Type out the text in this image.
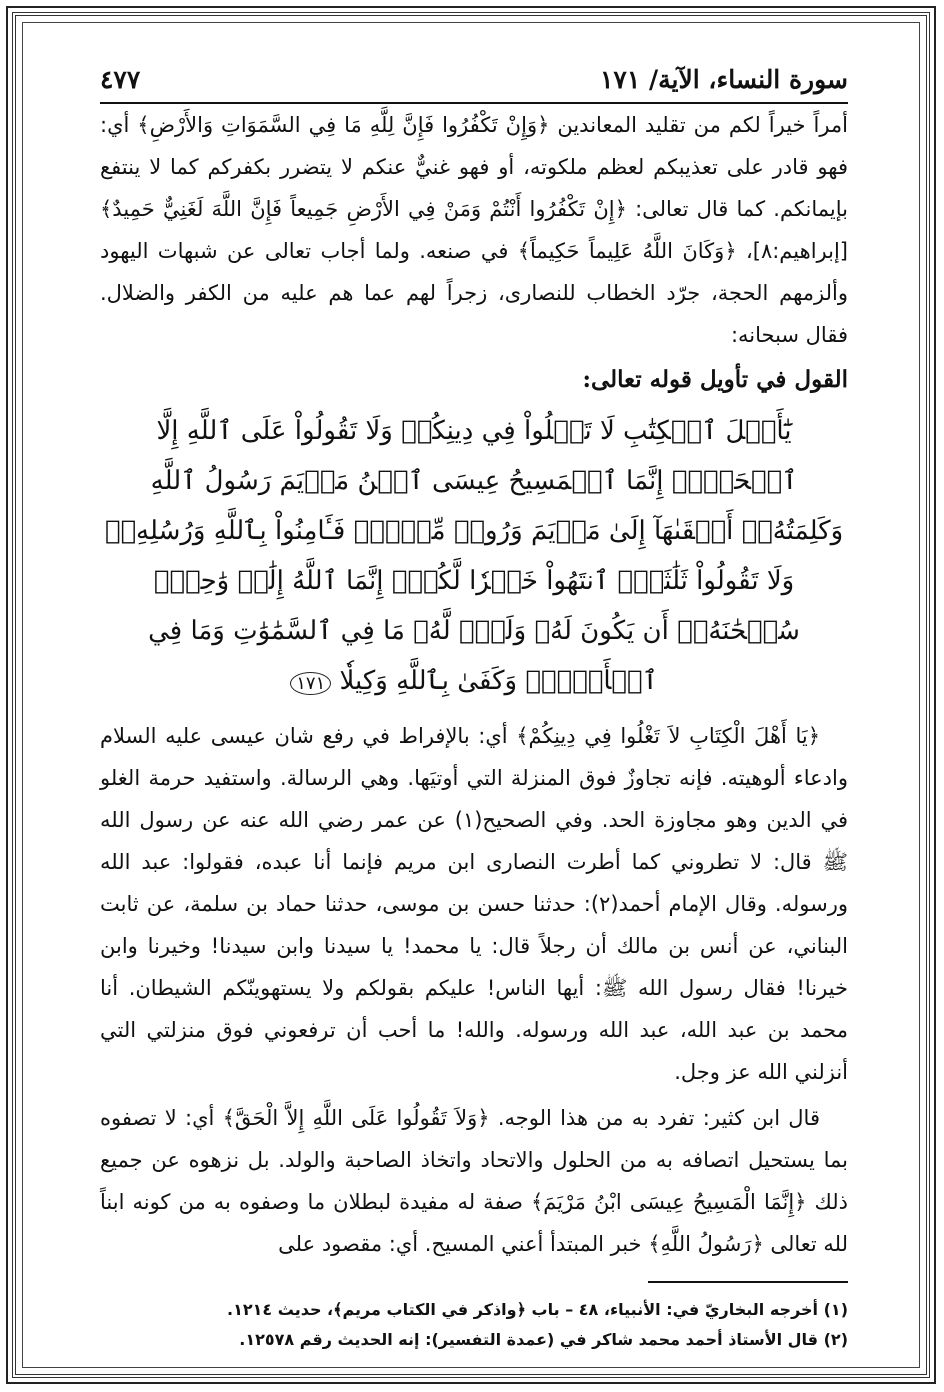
سورة النساء، الآية/ ١٧١
٤٧٧

أمراً خيراً لكم من تقليد المعاندين ﴿وَإِنْ تَكْفُرُوا فَإِنَّ لِلَّهِ مَا فِي السَّمَوَاتِ وَالأَرْضِ﴾ أي: فهو قادر على تعذيبكم لعظم ملكوته، أو فهو غنيٌّ عنكم لا يتضرر بكفركم كما لا ينتفع بإيمانكم. كما قال تعالى: ﴿إِنْ تَكْفُرُوا أَنْتُمْ وَمَنْ فِي الأَرْضِ جَمِيعاً فَإِنَّ اللَّهَ لَغَنِيٌّ حَمِيدٌ﴾ [إبراهيم:٨]، ﴿وَكَانَ اللَّهُ عَلِيماً حَكِيماً﴾ في صنعه. ولما أجاب تعالى عن شبهات اليهود وألزمهم الحجة، جرّد الخطاب للنصارى، زجراً لهم عما هم عليه من الكفر والضلال. فقال سبحانه:

القول في تأويل قوله تعالى:
يَٰٓأَهۡلَ ٱلۡكِتَٰبِ لَا تَغۡلُواْ فِي دِينِكُمۡ وَلَا تَقُولُواْ عَلَى ٱللَّهِ إِلَّا ٱلۡحَقَّۚ إِنَّمَا ٱلۡمَسِيحُ عِيسَى ٱبۡنُ مَرۡيَمَ رَسُولُ ٱللَّهِ وَكَلِمَتُهُۥٓ أَلۡقَىٰهَآ إِلَىٰ مَرۡيَمَ وَرُوحٞ مِّنۡهُۖ فَـَٔامِنُواْ بِٱللَّهِ وَرُسُلِهِۦۖ وَلَا تَقُولُواْ ثَلَٰثَةٌۚ ٱنتَهُواْ خَيۡرٗا لَّكُمۡۚ إِنَّمَا ٱللَّهُ إِلَٰهٞ وَٰحِدٞۖ سُبۡحَٰنَهُۥٓ أَن يَكُونَ لَهُۥ وَلَدٞۘ لَّهُۥ مَا فِي ٱلسَّمَٰوَٰتِ وَمَا فِي ٱلۡأَرۡضِۗ وَكَفَىٰ بِٱللَّهِ وَكِيلٗا ١٧١

﴿يَا أَهْلَ الْكِتَابِ لاَ تَغْلُوا فِي دِينِكُمْ﴾ أي: بالإفراط في رفع شان عيسى عليه السلام وادعاء ألوهيته. فإنه تجاوزٌ فوق المنزلة التي أوتيَها. وهي الرسالة. واستفيد حرمة الغلو في الدين وهو مجاوزة الحد. وفي الصحيح(١) عن عمر رضي الله عنه عن رسول الله ﷺ قال: لا تطروني كما أطرت النصارى ابن مريم فإنما أنا عبده، فقولوا: عبد الله ورسوله. وقال الإمام أحمد(٢): حدثنا حسن بن موسى، حدثنا حماد بن سلمة، عن ثابت البناني، عن أنس بن مالك أن رجلاً قال: يا محمد! يا سيدنا وابن سيدنا! وخيرنا وابن خيرنا! فقال رسول الله ﷺ: أيها الناس! عليكم بقولكم ولا يستهوينّكم الشيطان. أنا محمد بن عبد الله، عبد الله ورسوله. والله! ما أحب أن ترفعوني فوق منزلتي التي أنزلني الله عز وجل.

قال ابن كثير: تفرد به من هذا الوجه. ﴿وَلاَ تَقُولُوا عَلَى اللَّهِ إِلاَّ الْحَقَّ﴾ أي: لا تصفوه بما يستحيل اتصافه به من الحلول والاتحاد واتخاذ الصاحبة والولد. بل نزهوه عن جميع ذلك ﴿إِنَّمَا الْمَسِيحُ عِيسَى ابْنُ مَرْيَمَ﴾ صفة له مفيدة لبطلان ما وصفوه به من كونه ابناً لله تعالى ﴿رَسُولُ اللَّهِ﴾ خبر المبتدأ أعني المسيح. أي: مقصود على

(١) أخرجه البخاريّ في: الأنبياء، ٤٨ – باب ﴿واذكر في الكتاب مريم﴾، حديث ١٢١٤.
(٢) قال الأستاذ أحمد محمد شاكر في (عمدة التفسير): إنه الحديث رقم ١٢٥٧٨.
